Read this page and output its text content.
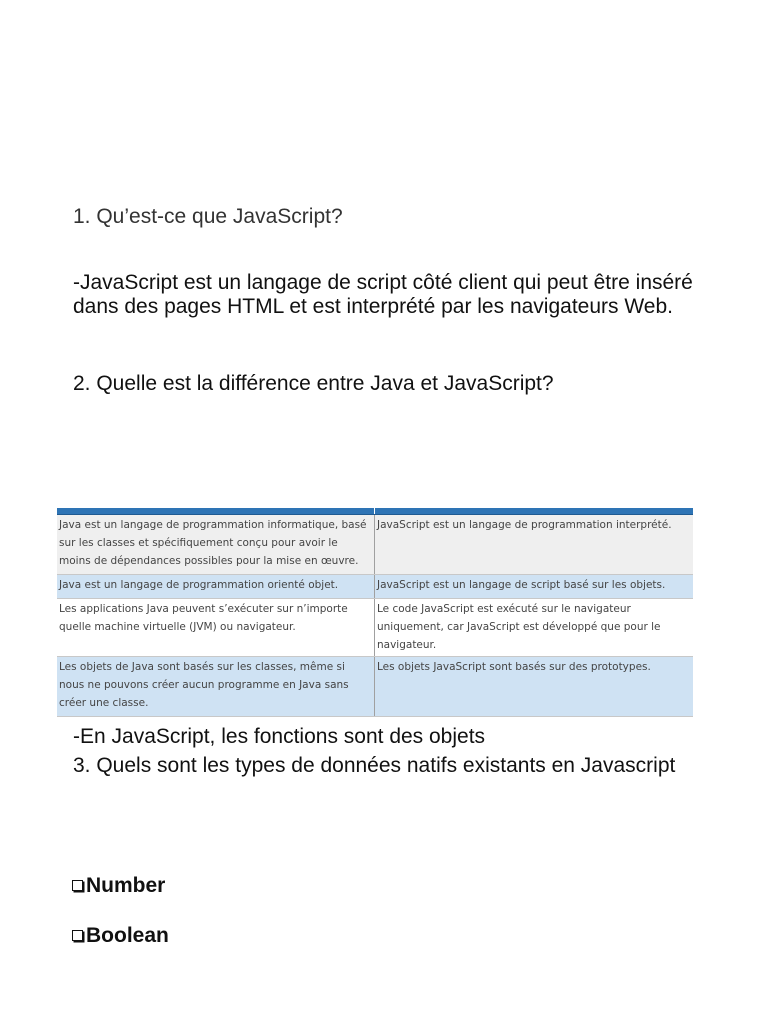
1. Qu’est-ce que JavaScript?

-JavaScript est un langage de script côté client qui peut être inséré dans des pages HTML et est interprété par les navigateurs Web.

2. Quelle est la différence entre Java et JavaScript?

Java est un langage de programmation informatique, basé sur les classes et spécifiquement conçu pour avoir le moins de dépendances possibles pour la mise en œuvre.	JavaScript est un langage de programmation interprété.
Java est un langage de programmation orienté objet.	JavaScript est un langage de script basé sur les objets.
Les applications Java peuvent s’exécuter sur n’importe quelle machine virtuelle (JVM) ou navigateur.	Le code JavaScript est exécuté sur le navigateur uniquement, car JavaScript est développé que pour le navigateur.
Les objets de Java sont basés sur les classes, même si nous ne pouvons créer aucun programme en Java sans créer une classe.	Les objets JavaScript sont basés sur des prototypes.

-En JavaScript, les fonctions sont des objets

3. Quels sont les types de données natifs existants en Javascript

Number

Boolean
